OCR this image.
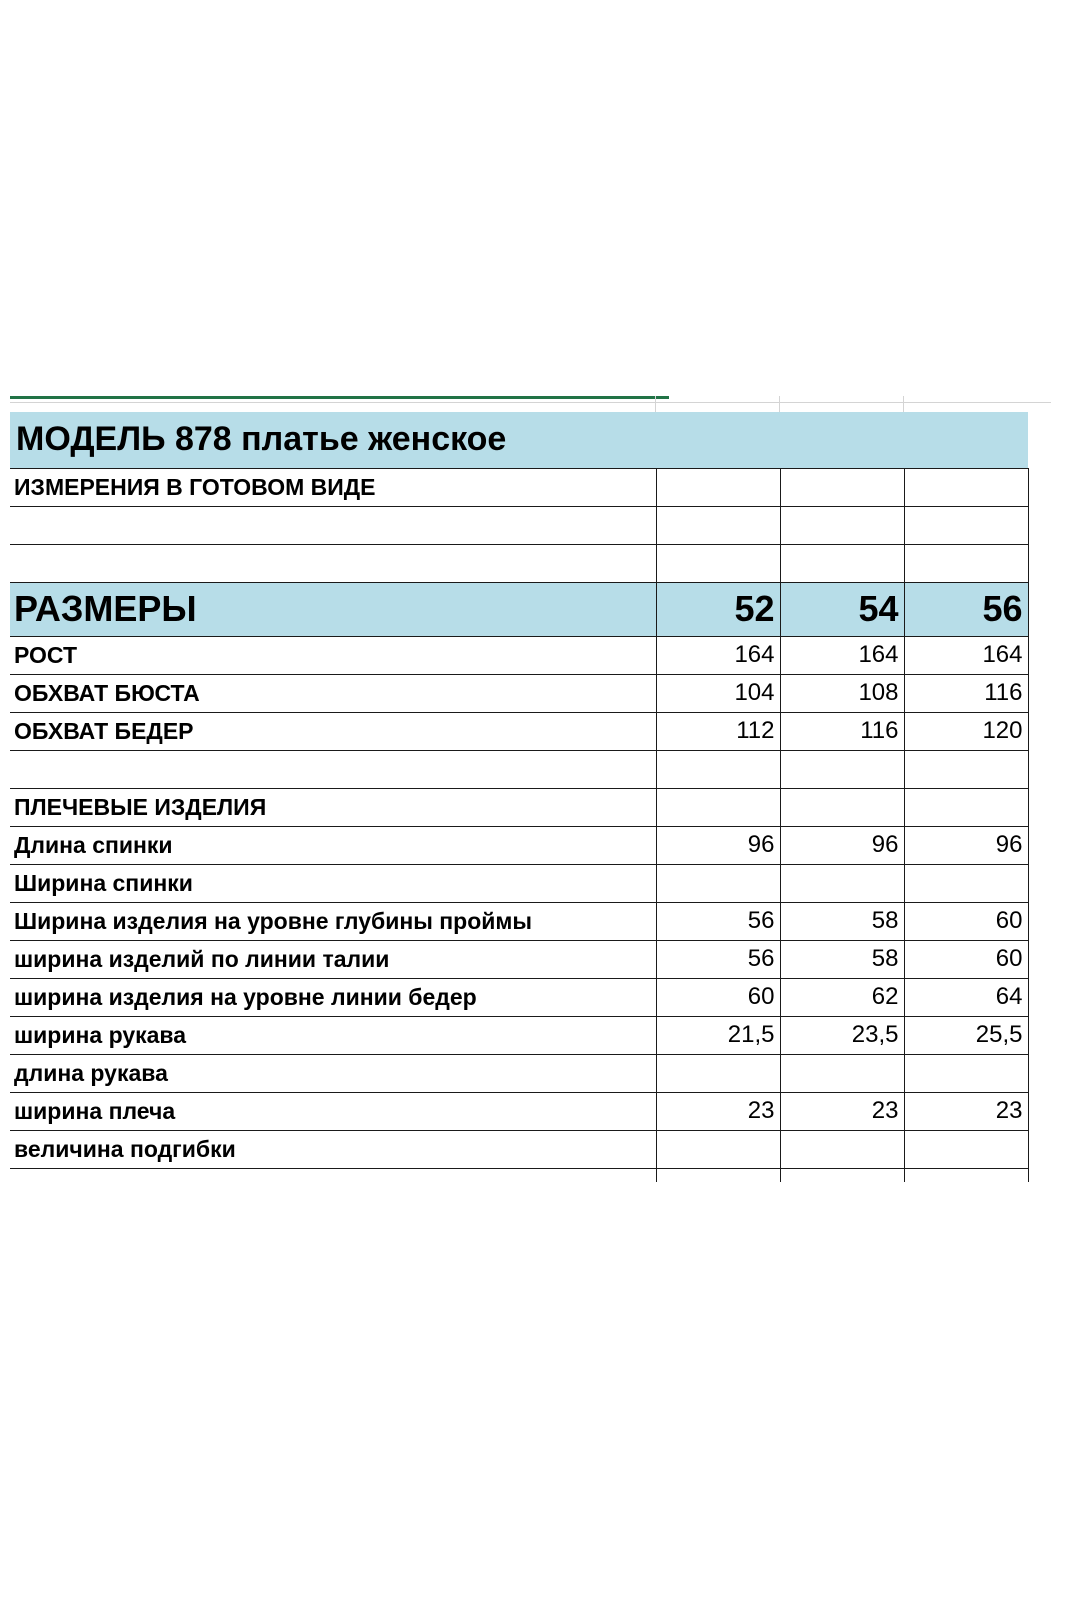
МОДЕЛЬ 878 платье женское			
ИЗМЕРЕНИЯ В ГОТОВОМ ВИДЕ			

РАЗМЕРЫ	52	54	56
РОСТ	164	164	164
ОБХВАТ БЮСТА	104	108	116
ОБХВАТ БЕДЕР	112	116	120

ПЛЕЧЕВЫЕ ИЗДЕЛИЯ			
Длина спинки	96	96	96
Ширина спинки			
Ширина изделия на уровне глубины проймы	56	58	60
ширина изделий по линии талии	56	58	60
ширина изделия на уровне линии бедер	60	62	64
ширина рукава	21,5	23,5	25,5
длина рукава			
ширина плеча	23	23	23
величина подгибки			
